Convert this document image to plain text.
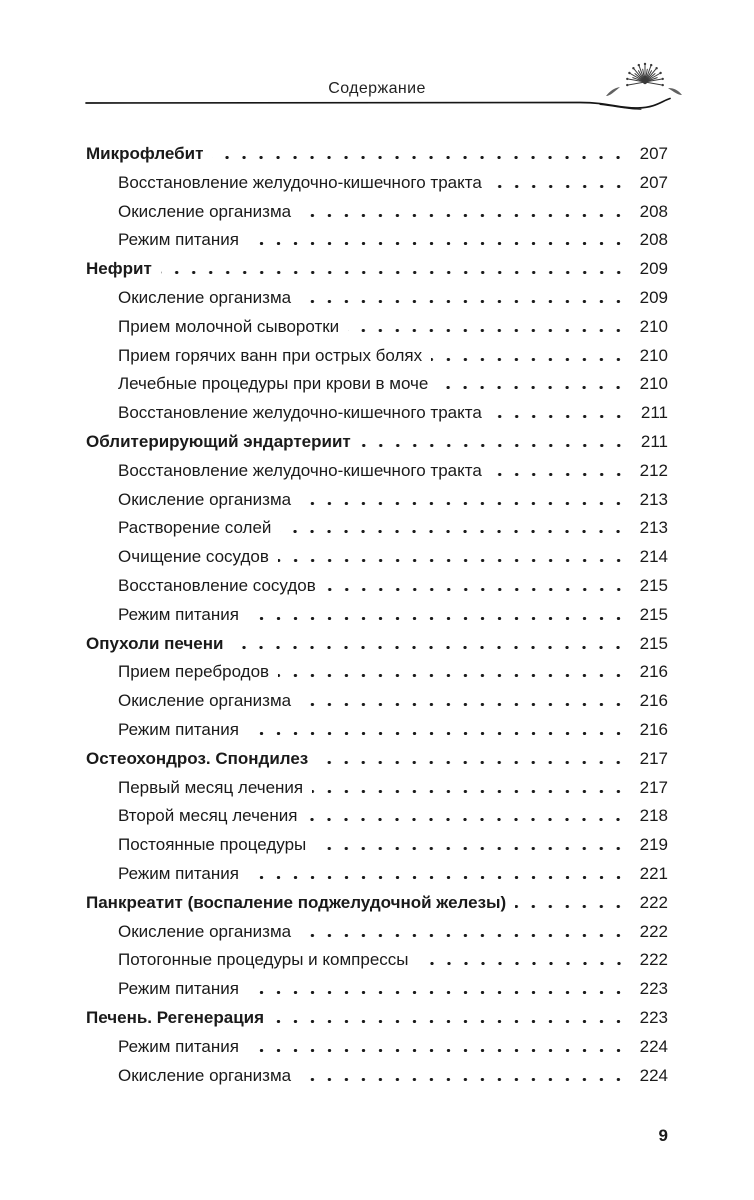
Содержание
Микрофлебит	207
Восстановление желудочно-кишечного тракта	207
Окисление организма	208
Режим питания	208
Нефрит	209
Окисление организма	209
Прием молочной сыворотки	210
Прием горячих ванн при острых болях	210
Лечебные процедуры при крови в моче	210
Восстановление желудочно-кишечного тракта	211
Облитерирующий эндартериит	211
Восстановление желудочно-кишечного тракта	212
Окисление организма	213
Растворение солей	213
Очищение сосудов	214
Восстановление сосудов	215
Режим питания	215
Опухоли печени	215
Прием перебродов	216
Окисление организма	216
Режим питания	216
Остеохондроз. Спондилез	217
Первый месяц лечения	217
Второй месяц лечения	218
Постоянные процедуры	219
Режим питания	221
Панкреатит (воспаление поджелудочной железы)	222
Окисление организма	222
Потогонные процедуры и компрессы	222
Режим питания	223
Печень. Регенерация	223
Режим питания	224
Окисление организма	224
9
